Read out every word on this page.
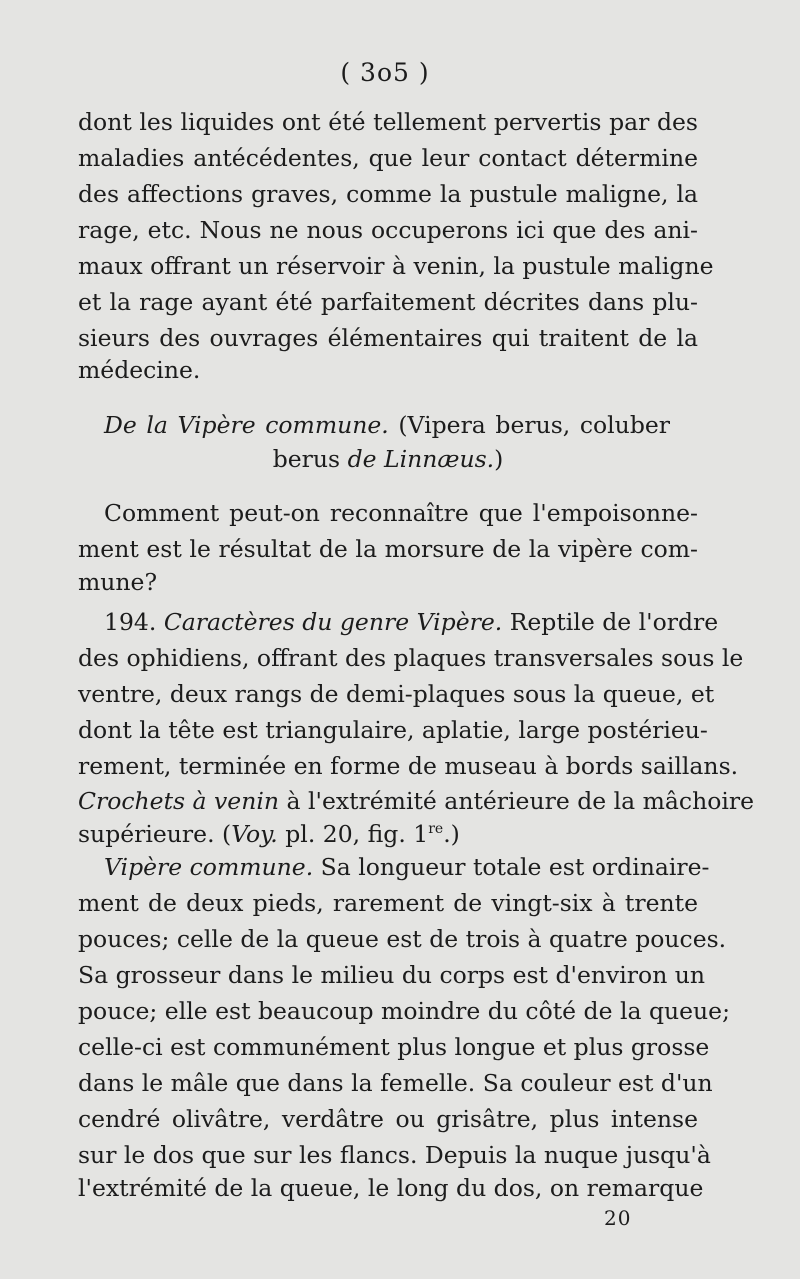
( 3o5 )
dont les liquides ont été tellement pervertis par des
maladies antécédentes, que leur contact détermine
des affections graves, comme la pustule maligne, la
rage, etc. Nous ne nous occuperons ici que des ani-
maux offrant un réservoir à venin, la pustule maligne
et la rage ayant été parfaitement décrites dans plu-
sieurs des ouvrages élémentaires qui traitent de la
médecine.
De la Vipère commune. (Vipera berus, coluber
berus de Linnæus.)
Comment peut-on reconnaître que l'empoisonne-
ment est le résultat de la morsure de la vipère com-
mune?
194. Caractères du genre Vipère. Reptile de l'ordre
des ophidiens, offrant des plaques transversales sous le
ventre, deux rangs de demi-plaques sous la queue, et
dont la tête est triangulaire, aplatie, large postérieu-
rement, terminée en forme de museau à bords saillans.
Crochets à venin à l'extrémité antérieure de la mâchoire
supérieure. (Voy. pl. 20, fig. 1re.)
Vipère commune. Sa longueur totale est ordinaire-
ment de deux pieds, rarement de vingt-six à trente
pouces; celle de la queue est de trois à quatre pouces.
Sa grosseur dans le milieu du corps est d'environ un
pouce; elle est beaucoup moindre du côté de la queue;
celle-ci est communément plus longue et plus grosse
dans le mâle que dans la femelle. Sa couleur est d'un
cendré olivâtre, verdâtre ou grisâtre, plus intense
sur le dos que sur les flancs. Depuis la nuque jusqu'à
l'extrémité de la queue, le long du dos, on remarque
20
